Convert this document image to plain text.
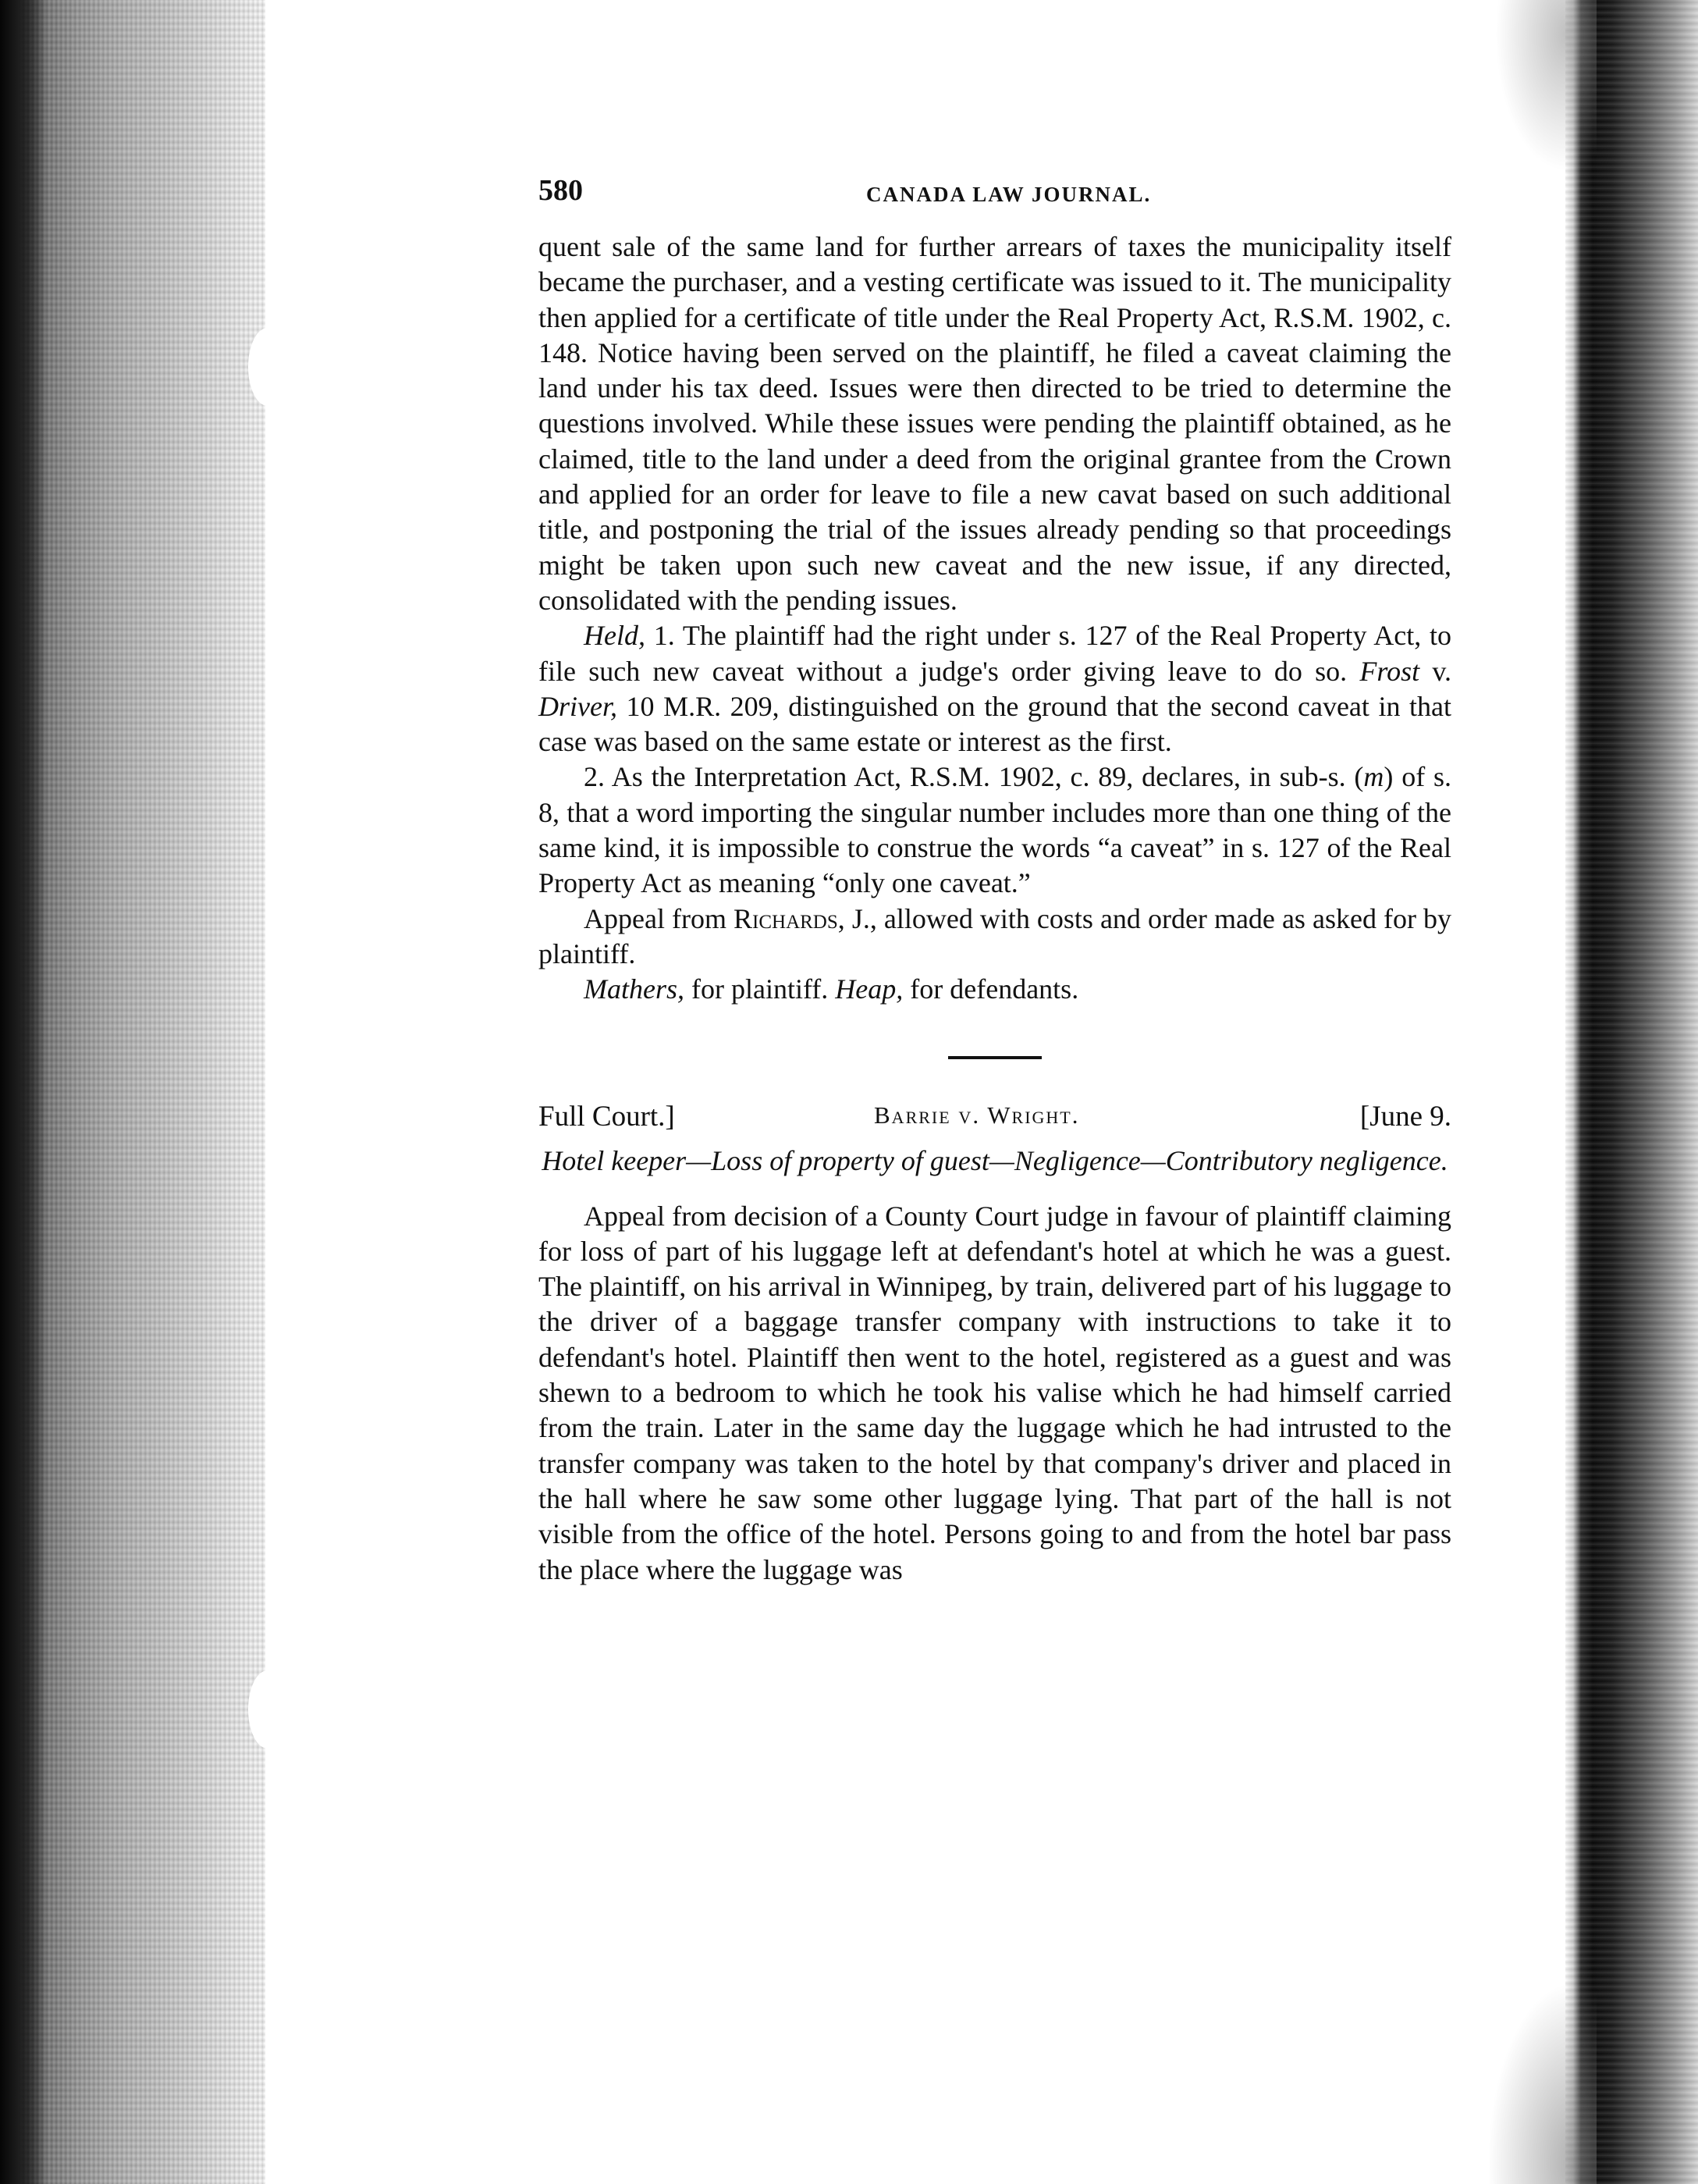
580	CANADA LAW JOURNAL.

quent sale of the same land for further arrears of taxes the municipality itself became the purchaser, and a vesting certificate was issued to it. The municipality then applied for a certificate of title under the Real Property Act, R.S.M. 1902, c. 148. Notice having been served on the plaintiff, he filed a caveat claiming the land under his tax deed. Issues were then directed to be tried to determine the questions involved. While these issues were pending the plaintiff obtained, as he claimed, title to the land under a deed from the original grantee from the Crown and applied for an order for leave to file a new cavat based on such additional title, and postponing the trial of the issues already pending so that proceedings might be taken upon such new caveat and the new issue, if any directed, consolidated with the pending issues.

Held, 1. The plaintiff had the right under s. 127 of the Real Property Act, to file such new caveat without a judge's order giving leave to do so. Frost v. Driver, 10 M.R. 209, distinguished on the ground that the second caveat in that case was based on the same estate or interest as the first.

2. As the Interpretation Act, R.S.M. 1902, c. 89, declares, in sub-s. (m) of s. 8, that a word importing the singular number includes more than one thing of the same kind, it is impossible to construe the words “a caveat” in s. 127 of the Real Property Act as meaning “only one caveat.”

Appeal from Richards, J., allowed with costs and order made as asked for by plaintiff.

Mathers, for plaintiff. Heap, for defendants.

Full Court.]	Barrie v. Wright.	[June 9.

Hotel keeper—Loss of property of guest—Negligence—Contributory negligence.

Appeal from decision of a County Court judge in favour of plaintiff claiming for loss of part of his luggage left at defendant's hotel at which he was a guest. The plaintiff, on his arrival in Winnipeg, by train, delivered part of his luggage to the driver of a baggage transfer company with instructions to take it to defendant's hotel. Plaintiff then went to the hotel, registered as a guest and was shewn to a bedroom to which he took his valise which he had himself carried from the train. Later in the same day the luggage which he had intrusted to the transfer company was taken to the hotel by that company's driver and placed in the hall where he saw some other luggage lying. That part of the hall is not visible from the office of the hotel. Persons going to and from the hotel bar pass the place where the luggage was
